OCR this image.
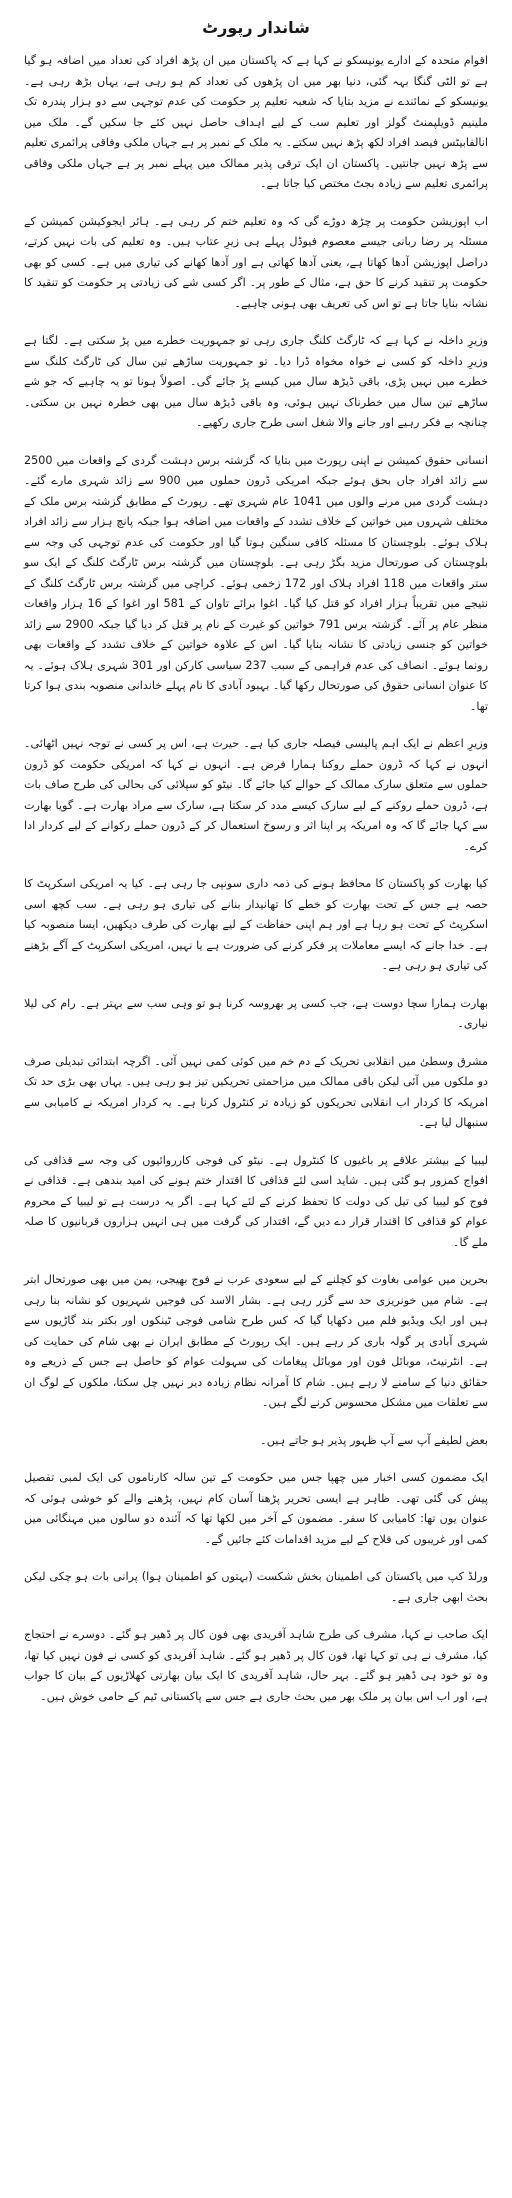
شاندار رپورٹ
اقوام متحدہ کے ادارے یونیسکو نے کہا ہے کہ پاکستان میں ان پڑھ افراد کی تعداد میں اضافہ ہو گیا ہے تو الٹی گنگا بہہ گئی، دنیا بھر میں ان پڑھوں کی تعداد کم ہو رہی ہے، یہاں بڑھ رہی ہے۔ یونیسکو کے نمائندے نے مزید بتایا کہ شعبہ تعلیم پر حکومت کی عدم توجہی سے دو ہزار پندرہ تک ملینیم ڈویلپمنٹ گولز اور تعلیم سب کے لیے اہداف حاصل نہیں کئے جا سکیں گے۔ ملک میں انالفابیٹس فیصد افراد لکھ پڑھ نہیں سکتے۔ یہ ملک کے نمبر پر ہے جہاں ملکی وفاقی پرائمری تعلیم سے پڑھ نہیں جانتیں۔ پاکستان ان ایک ترقی پذیر ممالک میں پہلے نمبر پر ہے جہاں ملکی وفاقی پرائمری تعلیم سے زیادہ بجٹ مختص کیا جاتا ہے۔
اب اپوزیشن حکومت پر چڑھ دوڑے گی کہ وہ تعلیم ختم کر رہی ہے۔ ہائر ایجوکیشن کمیشن کے مسئلہ پر رضا ربانی جیسے معصوم فیوڈل پہلے ہی زیرِ عتاب ہیں۔ وہ تعلیم کی بات نہیں کرتے، دراصل اپوزیشن آدھا کھاتا ہے، یعنی آدھا کھاتی ہے اور آدھا کھانے کی تیاری میں ہے۔ کسی کو بھی حکومت پر تنقید کرنے کا حق ہے، مثال کے طور پر۔ اگر کسی شے کی زیادتی پر حکومت کو تنقید کا نشانہ بنایا جاتا ہے تو اس کی تعریف بھی ہونی چاہیے۔
وزیرِ داخلہ نے کہا ہے کہ ٹارگٹ کلنگ جاری رہی تو جمہوریت خطرے میں پڑ سکتی ہے۔ لگتا ہے وزیرِ داخلہ کو کسی نے خواہ مخواہ ڈرا دیا۔ تو جمہوریت ساڑھے تین سال کی ٹارگٹ کلنگ سے خطرے میں نہیں پڑی، باقی ڈیڑھ سال میں کیسے پڑ جائے گی۔ اصولاً ہونا تو یہ چاہیے کہ جو شے ساڑھے تین سال میں خطرناک نہیں ہوئی، وہ باقی ڈیڑھ سال میں بھی خطرہ نہیں بن سکتی۔ چنانچہ بے فکر رہیے اور جانے والا شغل اسی طرح جاری رکھیے۔
انسانی حقوق کمیشن نے اپنی رپورٹ میں بتایا کہ گزشتہ برس دہشت گردی کے واقعات میں 2500 سے زائد افراد جاں بحق ہوئے جبکہ امریکی ڈرون حملوں میں 900 سے زائد شہری مارے گئے۔ دہشت گردی میں مرنے والوں میں 1041 عام شہری تھے۔ رپورٹ کے مطابق گزشتہ برس ملک کے مختلف شہروں میں خواتین کے خلاف تشدد کے واقعات میں اضافہ ہوا جبکہ پانچ ہزار سے زائد افراد ہلاک ہوئے۔ بلوچستان کا مسئلہ کافی سنگین ہوتا گیا اور حکومت کی عدم توجہی کی وجہ سے بلوچستان کی صورتحال مزید بگڑ رہی ہے۔ بلوچستان میں گزشتہ برس ٹارگٹ کلنگ کے ایک سو ستر واقعات میں 118 افراد ہلاک اور 172 زخمی ہوئے۔ کراچی میں گزشتہ برس ٹارگٹ کلنگ کے نتیجے میں تقریباً ہزار افراد کو قتل کیا گیا۔ اغوا برائے تاوان کے 581 اور اغوا کے 16 ہزار واقعات منظر عام پر آئے۔ گزشتہ برس 791 خواتین کو غیرت کے نام پر قتل کر دیا گیا جبکہ 2900 سے زائد خواتین کو جنسی زیادتی کا نشانہ بنایا گیا۔ اس کے علاوہ خواتین کے خلاف تشدد کے واقعات بھی رونما ہوئے۔ انصاف کی عدم فراہمی کے سبب 237 سیاسی کارکن اور 301 شہری ہلاک ہوئے۔ یہ کا عنوان انسانی حقوق کی صورتحال رکھا گیا۔ بہبود آبادی کا نام پہلے خاندانی منصوبہ بندی ہوا کرتا تھا۔
وزیرِ اعظم نے ایک اہم پالیسی فیصلہ جاری کیا ہے۔ حیرت ہے، اس پر کسی نے توجہ نہیں اٹھائی۔ انہوں نے کہا کہ ڈرون حملے روکنا ہمارا فرض ہے۔ انہوں نے کہا کہ امریکی حکومت کو ڈرون حملوں سے متعلق سارک ممالک کے حوالے کیا جائے گا۔ نیٹو کو سپلائی کی بحالی کی طرح صاف بات ہے، ڈرون حملے روکنے کے لیے سارک کیسے مدد کر سکتا ہے، سارک سے مراد بھارت ہے۔ گویا بھارت سے کہا جائے گا کہ وہ امریکہ پر اپنا اثر و رسوخ استعمال کر کے ڈرون حملے رکوانے کے لیے کردار ادا کرے۔
کیا بھارت کو پاکستان کا محافظ ہونے کی ذمہ داری سونپی جا رہی ہے۔ کیا یہ امریکی اسکرپٹ کا حصہ ہے جس کے تحت بھارت کو خطے کا تھانیدار بنانے کی تیاری ہو رہی ہے۔ سب کچھ اسی اسکرپٹ کے تحت ہو رہا ہے اور ہم اپنی حفاظت کے لیے بھارت کی طرف دیکھیں، ایسا منصوبہ کیا ہے۔ خدا جانے کہ ایسے معاملات پر فکر کرنے کی ضرورت ہے یا نہیں، امریکی اسکرپٹ کے آگے بڑھنے کی تیاری ہو رہی ہے۔
بھارت ہمارا سچا دوست ہے، جب کسی پر بھروسہ کرنا ہو تو وہی سب سے بہتر ہے۔ رام کی لیلا نیاری۔
مشرق وسطیٰ میں انقلابی تحریک کے دم خم میں کوئی کمی نہیں آئی۔ اگرچہ ابتدائی تبدیلی صرف دو ملکوں میں آئی لیکن باقی ممالک میں مزاحمتی تحریکیں تیز ہو رہی ہیں۔ یہاں بھی بڑی حد تک امریکہ کا کردار اب انقلابی تحریکوں کو زیادہ تر کنٹرول کرنا ہے۔ یہ کردار امریکہ نے کامیابی سے سنبھال لیا ہے۔
لیبیا کے بیشتر علاقے پر باغیوں کا کنٹرول ہے۔ نیٹو کی فوجی کارروائیوں کی وجہ سے قذافی کی افواج کمزور ہو گئی ہیں۔ شاید اسی لئے قذافی کا اقتدار ختم ہونے کی امید بندھی ہے۔ قذافی نے فوج کو لیبیا کی تیل کی دولت کا تحفظ کرنے کے لئے کہا ہے۔ اگر یہ درست ہے تو لیبیا کے محروم عوام کو قذافی کا اقتدار قرار دے دیں گے، اقتدار کی گرفت میں ہی انہیں ہزاروں قربانیوں کا صلہ ملے گا۔
بحرین میں عوامی بغاوت کو کچلنے کے لیے سعودی عرب نے فوج بھیجی، یمن میں بھی صورتحال ابتر ہے۔ شام میں خونریزی حد سے گزر رہی ہے۔ بشار الاسد کی فوجیں شہریوں کو نشانہ بنا رہی ہیں اور ایک ویڈیو فلم میں دکھایا گیا کہ کس طرح شامی فوجی ٹینکوں اور بکتر بند گاڑیوں سے شہری آبادی پر گولہ باری کر رہے ہیں۔ ایک رپورٹ کے مطابق ایران نے بھی شام کی حمایت کی ہے۔ انٹرنیٹ، موبائل فون اور موبائل پیغامات کی سہولت عوام کو حاصل ہے جس کے ذریعے وہ حقائق دنیا کے سامنے لا رہے ہیں۔ شام کا آمرانہ نظام زیادہ دیر نہیں چل سکتا، ملکوں کے لوگ ان سے تعلقات میں مشکل محسوس کرنے لگے ہیں۔
بعض لطیفے آپ سے آپ ظہور پذیر ہو جاتے ہیں۔
ایک مضمون کسی اخبار میں چھپا جس میں حکومت کے تین سالہ کارناموں کی ایک لمبی تفصیل پیش کی گئی تھی۔ ظاہر ہے ایسی تحریر پڑھنا آسان کام نہیں، پڑھنے والے کو خوشی ہوئی کہ عنوان یوں تھا: کامیابی کا سفر۔ مضمون کے آخر میں لکھا تھا کہ آئندہ دو سالوں میں مہنگائی میں کمی اور غریبوں کی فلاح کے لیے مزید اقدامات کئے جائیں گے۔
ورلڈ کپ میں پاکستان کی اطمینان بخش شکست (بہتوں کو اطمینان ہوا) پرانی بات ہو چکی لیکن بحث ابھی جاری ہے۔
ایک صاحب نے کہا، مشرف کی طرح شاہد آفریدی بھی فون کال پر ڈھیر ہو گئے۔ دوسرے نے احتجاج کیا، مشرف نے ہی تو کہا تھا، فون کال پر ڈھیر ہو گئے۔ شاہد آفریدی کو کسی نے فون نہیں کیا تھا، وہ تو خود ہی ڈھیر ہو گئے۔ بہر حال، شاہد آفریدی کا ایک بیان بھارتی کھلاڑیوں کے بیان کا جواب ہے، اور اب اس بیان پر ملک بھر میں بحث جاری ہے جس سے پاکستانی ٹیم کے حامی خوش ہیں۔
